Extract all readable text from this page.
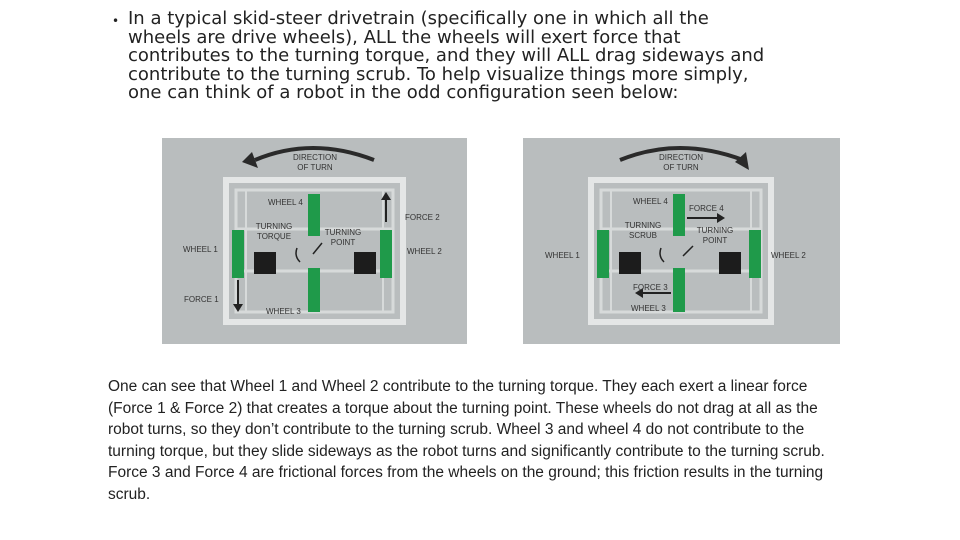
• In a typical skid-steer drivetrain (specifically one in which all the wheels are drive wheels), ALL the wheels will exert force that contributes to the turning torque, and they will ALL drag sideways and contribute to the turning scrub. To help visualize things more simply, one can think of a robot in the odd configuration seen below:
DIRECTION
OF TURN
WHEEL 4
WHEEL 1	WHEEL 2
WHEEL 3
FORCE 1
FORCE 2
TURNING
TORQUE	TURNING
POINT
DIRECTION
OF TURN
WHEEL 4
WHEEL 1	WHEEL 2
WHEEL 3
FORCE 3
FORCE 4
TURNING
SCRUB
TURNING
POINT
One can see that Wheel 1 and Wheel 2 contribute to the turning torque. They each exert a linear force (Force 1 & Force 2) that creates a torque about the turning point. These wheels do not drag at all as the robot turns, so they don’t contribute to the turning scrub. Wheel 3 and wheel 4 do not contribute to the turning torque, but they slide sideways as the robot turns and significantly contribute to the turning scrub. Force 3 and Force 4 are frictional forces from the wheels on the ground; this friction results in the turning scrub.
